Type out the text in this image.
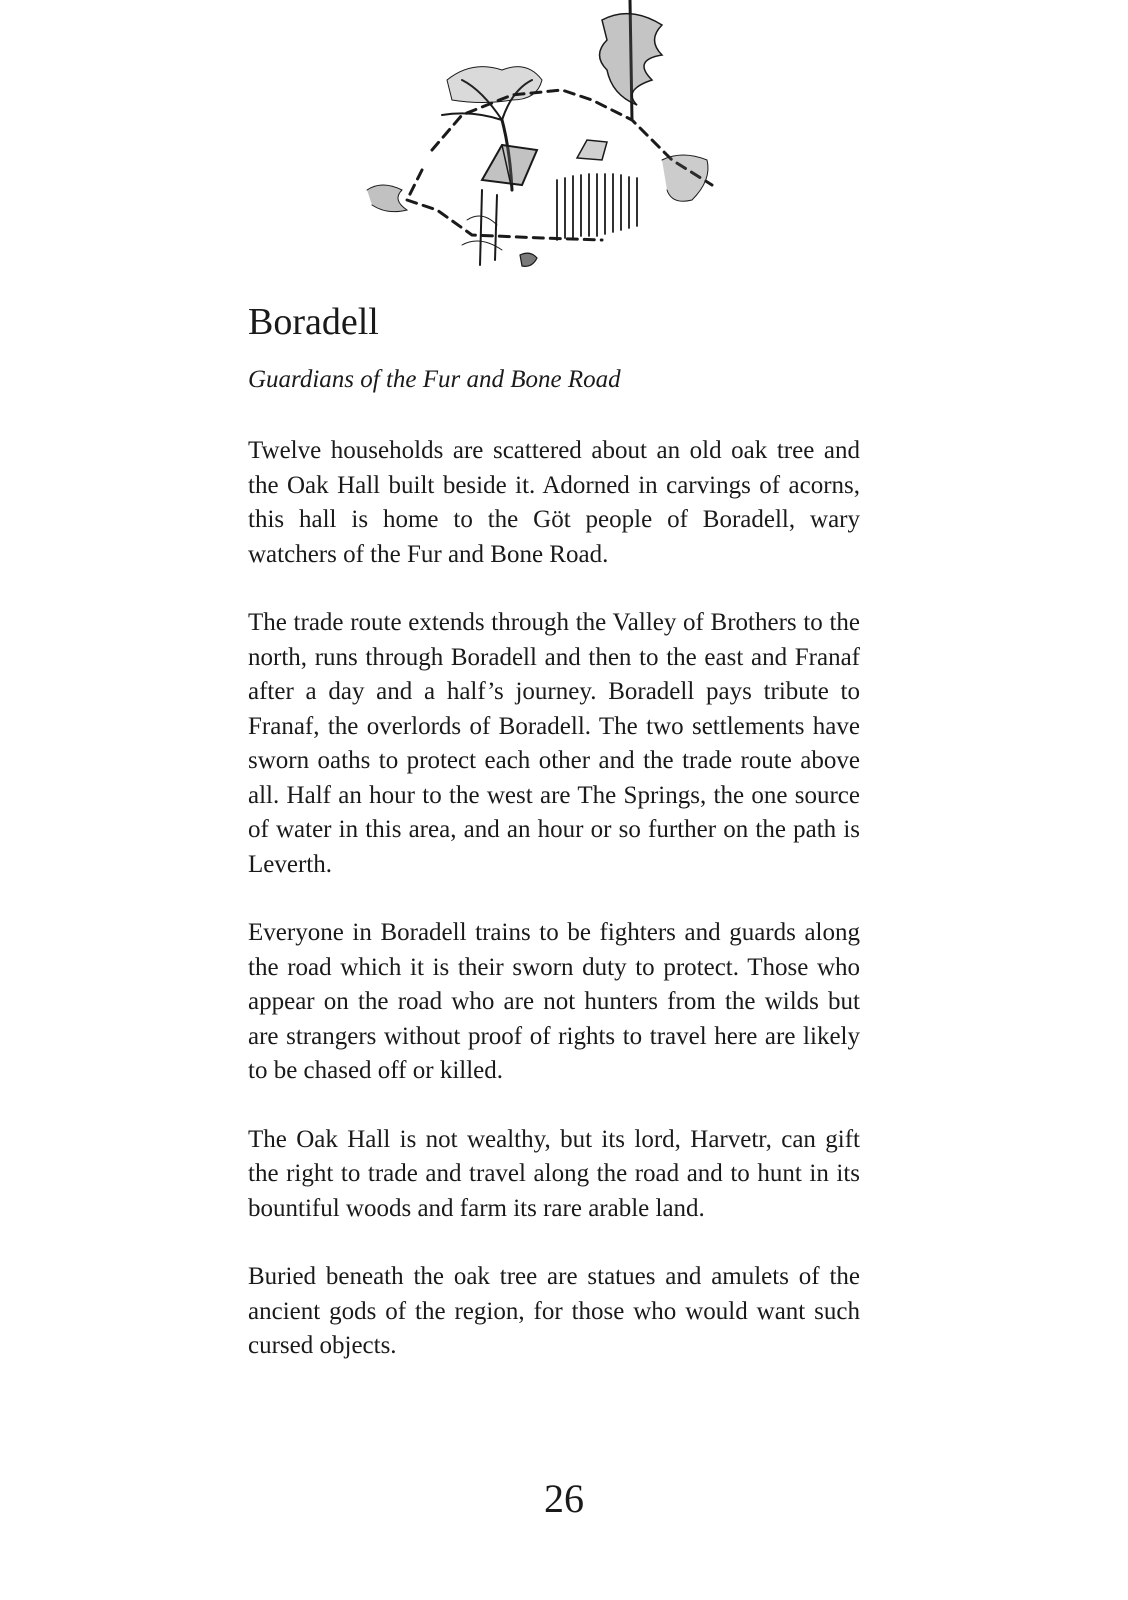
Boradell

Guardians of the Fur and Bone Road

Twelve households are scattered about an old oak tree and the Oak Hall built beside it. Adorned in carvings of acorns, this hall is home to the Göt people of Boradell, wary watchers of the Fur and Bone Road.

The trade route extends through the Valley of Brothers to the north, runs through Boradell and then to the east and Franaf after a day and a half’s journey. Boradell pays tribute to Franaf, the overlords of Boradell. The two settlements have sworn oaths to protect each other and the trade route above all. Half an hour to the west are The Springs, the one source of water in this area, and an hour or so further on the path is Leverth.

Everyone in Boradell trains to be fighters and guards along the road which it is their sworn duty to protect. Those who appear on the road who are not hunters from the wilds but are strangers without proof of rights to travel here are likely to be chased off or killed.

The Oak Hall is not wealthy, but its lord, Harvetr, can gift the right to trade and travel along the road and to hunt in its bountiful woods and farm its rare arable land.

Buried beneath the oak tree are statues and amulets of the ancient gods of the region, for those who would want such cursed objects.

26
